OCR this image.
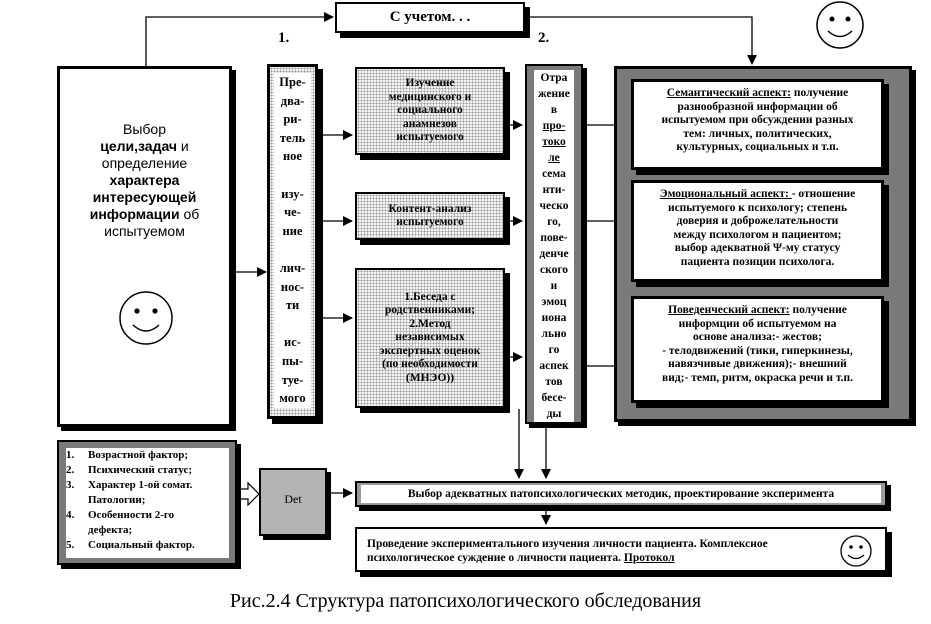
С учетом. . .
1.	2.
Выбор
цели,задач и
определение
характера
интересующей
информации об
испытуемом
Пре-
два-
ри-
тель
ное
изу-
че-
ние
лич-
нос-
ти
ис-
пы-
туе-
мого
Изучение
медицинского и
социального
анамнезов
испытуемого
Контент-анализ
испытуемого
1.Беседа с
родственниками;
2.Метод
независимых
экспертных оценок
(по необходимости
(МНЭО))
Отра
жение
в
про-
токо
ле
сема
нти-
ческо
го,
пове-
денче
ского
и
эмоц
иона
льно
го
аспек
тов
бесе-
ды
Семантический аспект: получение
разнообразной информации об
испытуемом при обсуждении разных
тем: личных, политических,
культурных, социальных и т.п.
Эмоциональный аспект: - отношение
испытуемого к психологу; степень
доверия и доброжелательности
между психологом и пациентом;
выбор адекватной Ψ-му статусу
пациента позиции психолога.
Поведенческий аспект: получение
информции об испытуемом на
основе анализа:- жестов;
- телодвижений (тики, гиперкинезы,
навязчивые движения);- внешний
вид;- темп, ритм, окраска речи и т.п.
1.	Возрастной фактор;
2.	Психический статус;
3.	Характер 1-ой сомат.
Патологии;
4.	Особенности 2-го
дефекта;
5.	Социальный фактор.
Det	Выбор адекватных патопсихологических методик, проектирование эксперимента
Проведение экспериментального изучения личности пациента. Комплексное
психологическое суждение о личности пациента. Протокол
Рис.2.4 Структура патопсихологического обследования
